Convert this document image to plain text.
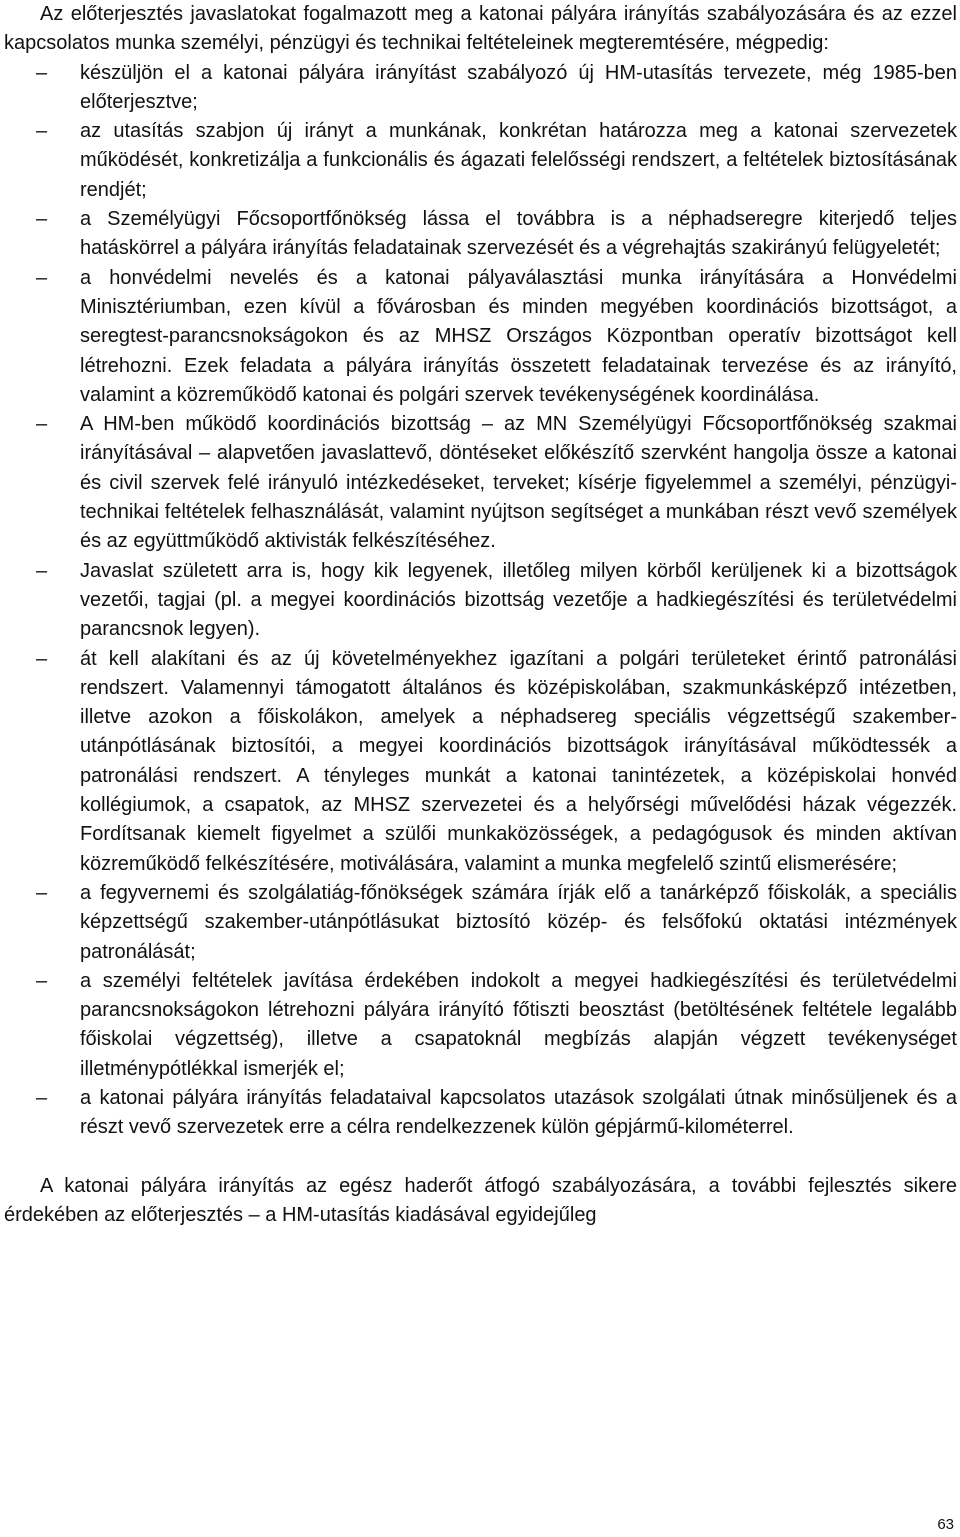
Az előterjesztés javaslatokat fogalmazott meg a katonai pályára irányítás szabályozására és az ezzel kapcsolatos munka személyi, pénzügyi és technikai feltételeinek megteremtésére, mégpedig:

–	készüljön el a katonai pályára irányítást szabályozó új HM-utasítás tervezete, még 1985-ben előterjesztve;
–	az utasítás szabjon új irányt a munkának, konkrétan határozza meg a katonai szervezetek működését, konkretizálja a funkcionális és ágazati felelősségi rendszert, a feltételek biztosításának rendjét;
–	a Személyügyi Főcsoportfőnökség lássa el továbbra is a néphadseregre kiterjedő teljes hatáskörrel a pályára irányítás feladatainak szervezését és a végrehajtás szakirányú felügyeletét;
–	a honvédelmi nevelés és a katonai pályaválasztási munka irányítására a Honvédelmi Minisztériumban, ezen kívül a fővárosban és minden megyében koordinációs bizottságot, a seregtest-parancsnokságokon és az MHSZ Országos Központban operatív bizottságot kell létrehozni. Ezek feladata a pályára irányítás összetett feladatainak tervezése és az irányító, valamint a közreműködő katonai és polgári szervek tevékenységének koordinálása.
–	A HM-ben működő koordinációs bizottság – az MN Személyügyi Főcsoportfőnökség szakmai irányításával – alapvetően javaslattevő, döntéseket előkészítő szervként hangolja össze a katonai és civil szervek felé irányuló intézkedéseket, terveket; kísérje figyelemmel a személyi, pénzügyi-technikai feltételek felhasználását, valamint nyújtson segítséget a munkában részt vevő személyek és az együttműködő aktivisták felkészítéséhez.
–	Javaslat született arra is, hogy kik legyenek, illetőleg milyen körből kerüljenek ki a bizottságok vezetői, tagjai (pl. a megyei koordinációs bizottság vezetője a hadkiegészítési és területvédelmi parancsnok legyen).
–	át kell alakítani és az új követelményekhez igazítani a polgári területeket érintő patronálási rendszert. Valamennyi támogatott általános és középiskolában, szakmunkásképző intézetben, illetve azokon a főiskolákon, amelyek a néphadsereg speciális végzettségű szakember-utánpótlásának biztosítói, a megyei koordinációs bizottságok irányításával működtessék a patronálási rendszert. A tényleges munkát a katonai tanintézetek, a középiskolai honvéd kollégiumok, a csapatok, az MHSZ szervezetei és a helyőrségi művelődési házak végezzék. Fordítsanak kiemelt figyelmet a szülői munkaközösségek, a pedagógusok és minden aktívan közreműködő felkészítésére, motiválására, valamint a munka megfelelő szintű elismerésére;
–	a fegyvernemi és szolgálatiág-főnökségek számára írják elő a tanárképző főiskolák, a speciális képzettségű szakember-utánpótlásukat biztosító közép- és felsőfokú oktatási intézmények patronálását;
–	a személyi feltételek javítása érdekében indokolt a megyei hadkiegészítési és területvédelmi parancsnokságokon létrehozni pályára irányító főtiszti beosztást (betöltésének feltétele legalább főiskolai végzettség), illetve a csapatoknál megbízás alapján végzett tevékenységet illetménypótlékkal ismerjék el;
–	a katonai pályára irányítás feladataival kapcsolatos utazások szolgálati útnak minősüljenek és a részt vevő szervezetek erre a célra rendelkezzenek külön gépjármű-kilométerrel.

A katonai pályára irányítás az egész haderőt átfogó szabályozására, a további fejlesztés sikere érdekében az előterjesztés – a HM-utasítás kiadásával egyidejűleg

63
